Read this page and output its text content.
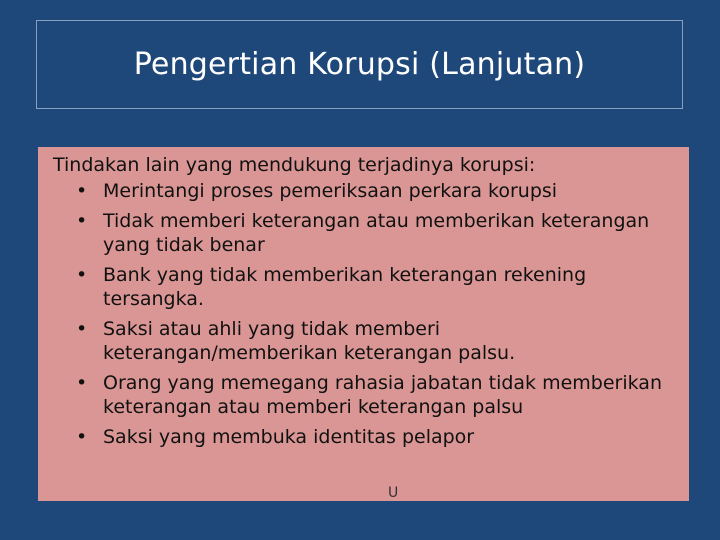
Pengertian Korupsi (Lanjutan)

Tindakan lain yang mendukung terjadinya korupsi:

• Merintangi proses pemeriksaan perkara korupsi
• Tidak memberi keterangan atau memberikan keterangan yang tidak benar
• Bank yang tidak memberikan keterangan rekening tersangka.
• Saksi atau ahli yang tidak memberi keterangan/memberikan keterangan palsu.
• Orang yang memegang rahasia jabatan tidak memberikan keterangan atau memberi keterangan palsu
• Saksi yang membuka identitas pelapor
U
